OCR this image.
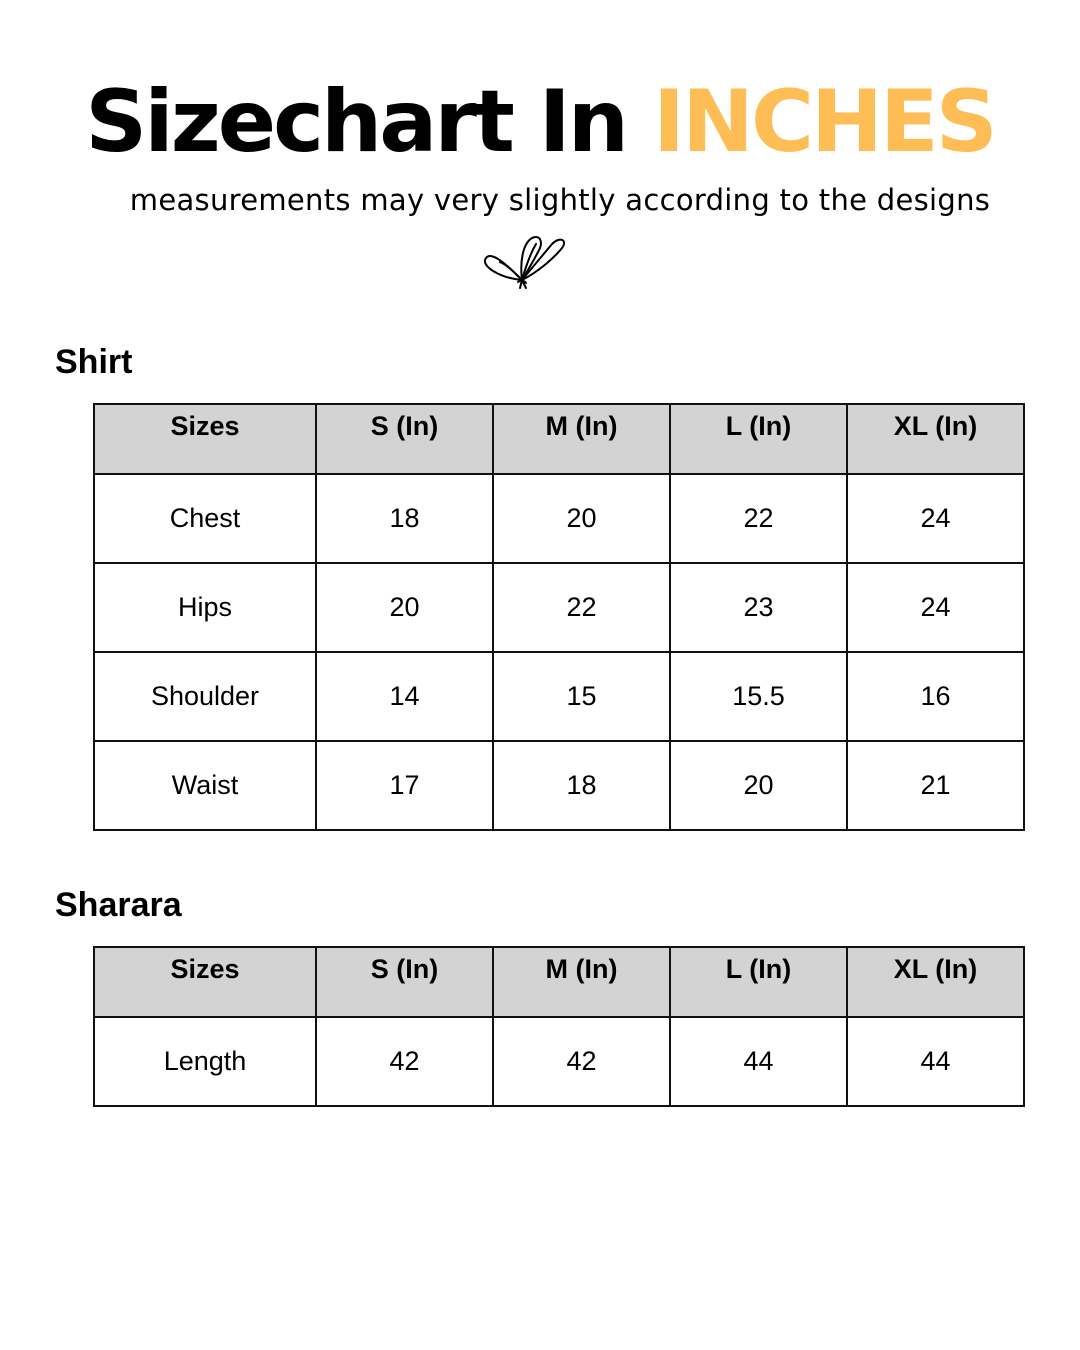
Sizechart In INCHES
measurements may very slightly according to the designs
Shirt
Sizes	S (In)	M (In)	L (In)	XL (In)
Chest	18	20	22	24
Hips	20	22	23	24
Shoulder	14	15	15.5	16
Waist	17	18	20	21
Sharara
Sizes	S (In)	M (In)	L (In)	XL (In)
Length	42	42	44	44
